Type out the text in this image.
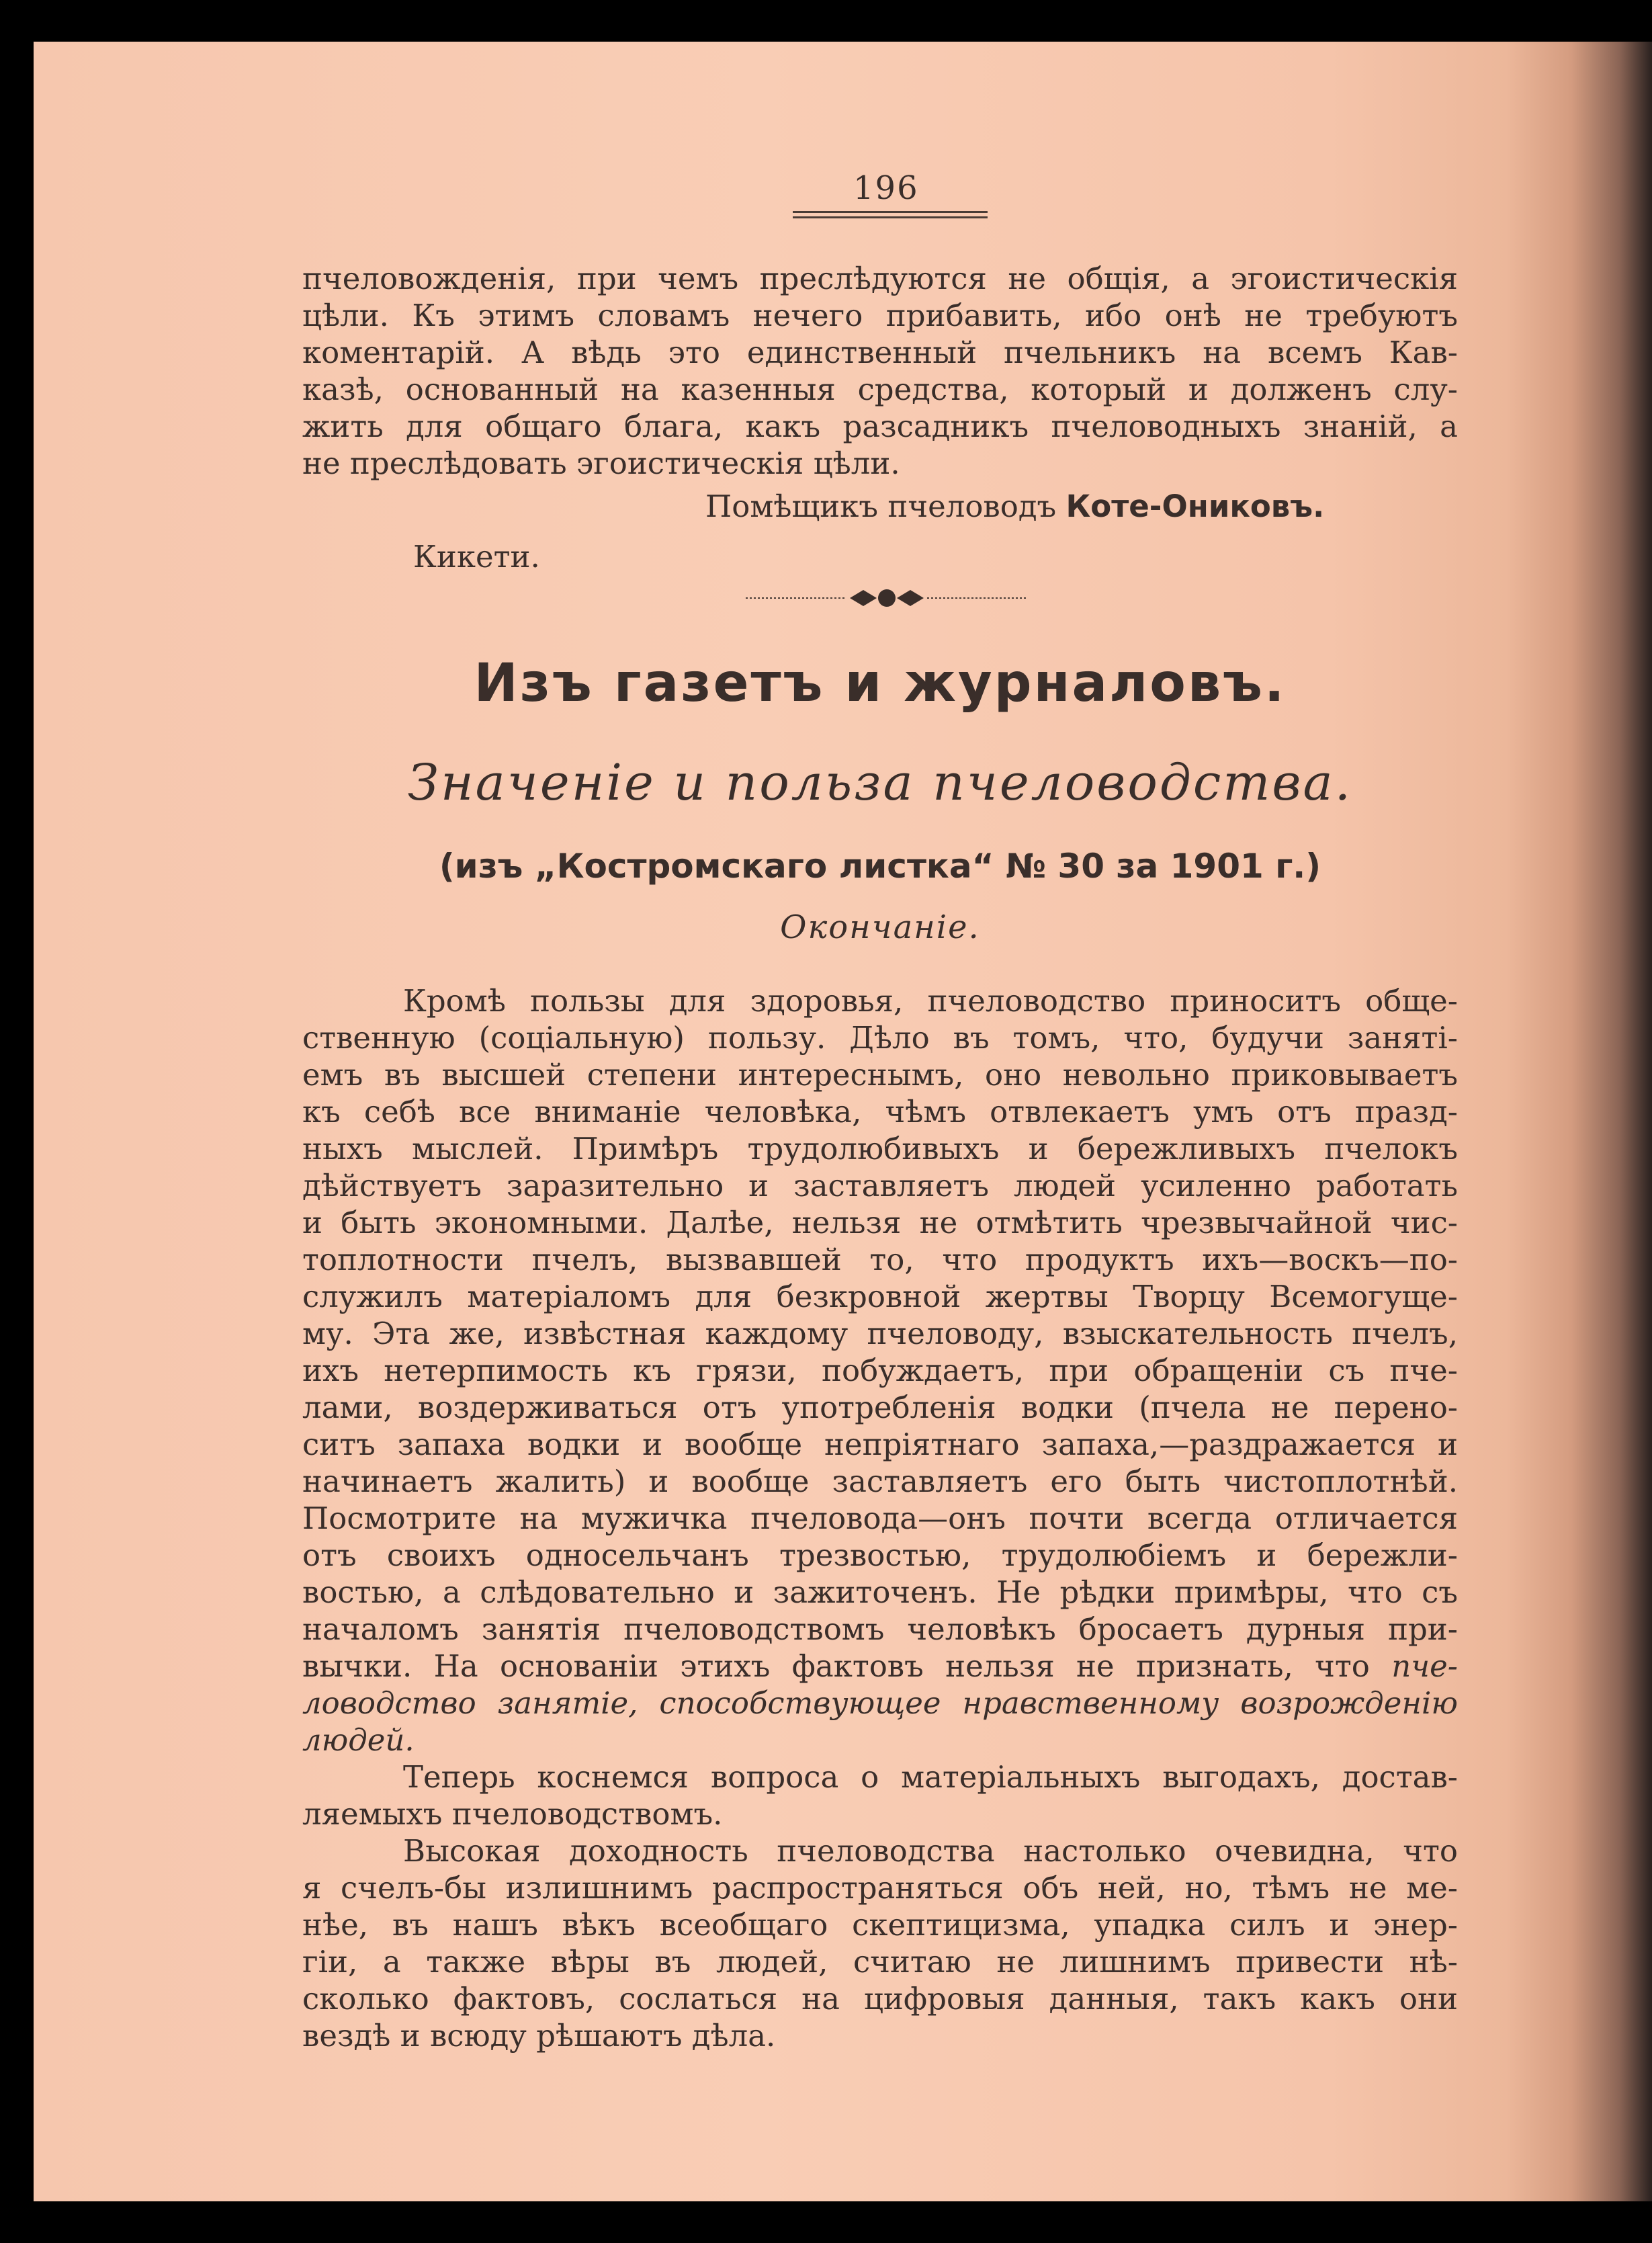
196
пчеловожденія, при чемъ преслѣдуются не общія, а эгоистическія
цѣли. Къ этимъ словамъ нечего прибавить, ибо онѣ не требуютъ
коментарій. А вѣдь это единственный пчельникъ на всемъ Кав-
казѣ, основанный на казенныя средства, который и долженъ слу-
жить для общаго блага, какъ разсадникъ пчеловодныхъ знаній, а
не преслѣдовать эгоистическія цѣли.
Помѣщикъ пчеловодъ Коте-Ониковъ.
Кикети.
Изъ газетъ и журналовъ.
Значеніе и польза пчеловодства.
(изъ „Костромскаго листка“ № 30 за 1901 г.)
Окончаніе.
Кромѣ пользы для здоровья, пчеловодство приноситъ обще-
ственную (соціальную) пользу. Дѣло въ томъ, что, будучи заняті-
емъ въ высшей степени интереснымъ, оно невольно приковываетъ
къ себѣ все вниманіе человѣка, чѣмъ отвлекаетъ умъ отъ празд-
ныхъ мыслей. Примѣръ трудолюбивыхъ и бережливыхъ пчелокъ
дѣйствуетъ заразительно и заставляетъ людей усиленно работать
и быть экономными. Далѣе, нельзя не отмѣтить чрезвычайной чис-
топлотности пчелъ, вызвавшей то, что продуктъ ихъ—воскъ—по-
служилъ матеріаломъ для безкровной жертвы Творцу Всемогуще-
му. Эта же, извѣстная каждому пчеловоду, взыскательность пчелъ,
ихъ нетерпимость къ грязи, побуждаетъ, при обращеніи съ пче-
лами, воздерживаться отъ употребленія водки (пчела не перено-
ситъ запаха водки и вообще непріятнаго запаха,—раздражается и
начинаетъ жалить) и вообще заставляетъ его быть чистоплотнѣй.
Посмотрите на мужичка пчеловода—онъ почти всегда отличается
отъ своихъ односельчанъ трезвостью, трудолюбіемъ и бережли-
востью, а слѣдовательно и зажиточенъ. Не рѣдки примѣры, что съ
началомъ занятія пчеловодствомъ человѣкъ бросаетъ дурныя при-
вычки. На основаніи этихъ фактовъ нельзя не признать, что пче-
ловодство занятіе, способствующее нравственному возрожденію
людей.
Теперь коснемся вопроса о матеріальныхъ выгодахъ, достав-
ляемыхъ пчеловодствомъ.
Высокая доходность пчеловодства настолько очевидна, что
я счелъ-бы излишнимъ распространяться объ ней, но, тѣмъ не ме-
нѣе, въ нашъ вѣкъ всеобщаго скептицизма, упадка силъ и энер-
гіи, а также вѣры въ людей, считаю не лишнимъ привести нѣ-
сколько фактовъ, сослаться на цифровыя данныя, такъ какъ они
вездѣ и всюду рѣшаютъ дѣла.
